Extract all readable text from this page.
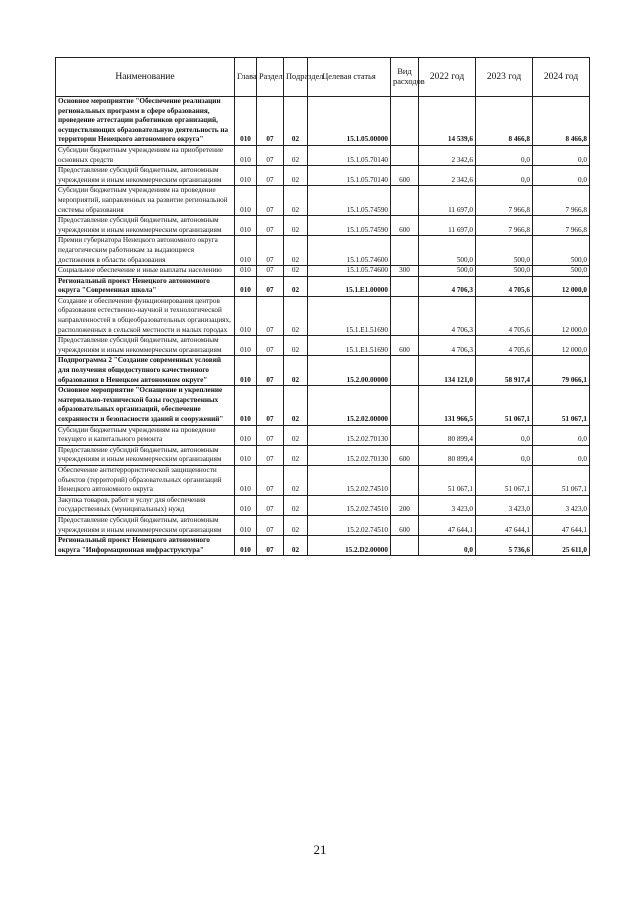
Наименование	Глава	Раздел	Подраздел	Целевая статья	Вид расходов	2022 год	2023 год	2024 год
Основное мероприятие "Обеспечение реализации региональных программ в сфере образования, проведение аттестации работников организаций, осуществляющих образовательную деятельность на территории Ненецкого автономного округа"	010	07	02	15.1.05.00000		14 539,6	8 466,8	8 466,8
Субсидии бюджетным учреждениям на приобретение основных средств	010	07	02	15.1.05.70140		2 342,6	0,0	0,0
Предоставление субсидий бюджетным, автономным учреждениям и иным некоммерческим организациям	010	07	02	15.1.05.70140	600	2 342,6	0,0	0,0
Субсидии бюджетным учреждениям на проведение мероприятий, направленных на развитие региональной системы образования	010	07	02	15.1.05.74590		11 697,0	7 966,8	7 966,8
Предоставление субсидий бюджетным, автономным учреждениям и иным некоммерческим организациям	010	07	02	15.1.05.74590	600	11 697,0	7 966,8	7 966,8
Премии губернатора Ненецкого автономного округа педагогическим работникам за выдающиеся достижения в области образования	010	07	02	15.1.05.74600		500,0	500,0	500,0
Социальное обеспечение и иные выплаты населению	010	07	02	15.1.05.74600	300	500,0	500,0	500,0
Региональный проект Ненецкого автономного округа "Современная школа"	010	07	02	15.1.Е1.00000		4 706,3	4 705,6	12 000,0
Создание и обеспечение функционирования центров образования естественно-научной и технологической направленностей в общеобразовательных организациях, расположенных в сельской местности и малых городах	010	07	02	15.1.Е1.51690		4 706,3	4 705,6	12 000,0
Предоставление субсидий бюджетным, автономным учреждениям и иным некоммерческим организациям	010	07	02	15.1.Е1.51690	600	4 706,3	4 705,6	12 000,0
Подпрограмма 2 "Создание современных условий для получения общедоступного качественного образования в Ненецком автономном округе"	010	07	02	15.2.00.00000		134 121,0	58 917,4	79 066,1
Основное мероприятие "Оснащение и укрепление материально-технической базы государственных образовательных организаций, обеспечение сохранности и безопасности зданий и сооружений"	010	07	02	15.2.02.00000		131 966,5	51 067,1	51 067,1
Субсидии бюджетным учреждениям на проведение текущего и капитального ремонта	010	07	02	15.2.02.70130		80 899,4	0,0	0,0
Предоставление субсидий бюджетным, автономным учреждениям и иным некоммерческим организациям	010	07	02	15.2.02.70130	600	80 899,4	0,0	0,0
Обеспечение антитеррористической защищенности объектов (территорий) образовательных организаций Ненецкого автономного округа	010	07	02	15.2.02.74510		51 067,1	51 067,1	51 067,1
Закупка товаров, работ и услуг для обеспечения государственных (муниципальных) нужд	010	07	02	15.2.02.74510	200	3 423,0	3 423,0	3 423,0
Предоставление субсидий бюджетным, автономным учреждениям и иным некоммерческим организациям	010	07	02	15.2.02.74510	600	47 644,1	47 644,1	47 644,1
Региональный проект Ненецкого автономного округа "Информационная инфраструктура"	010	07	02	15.2.D2.00000		0,0	5 736,6	25 611,0
21
